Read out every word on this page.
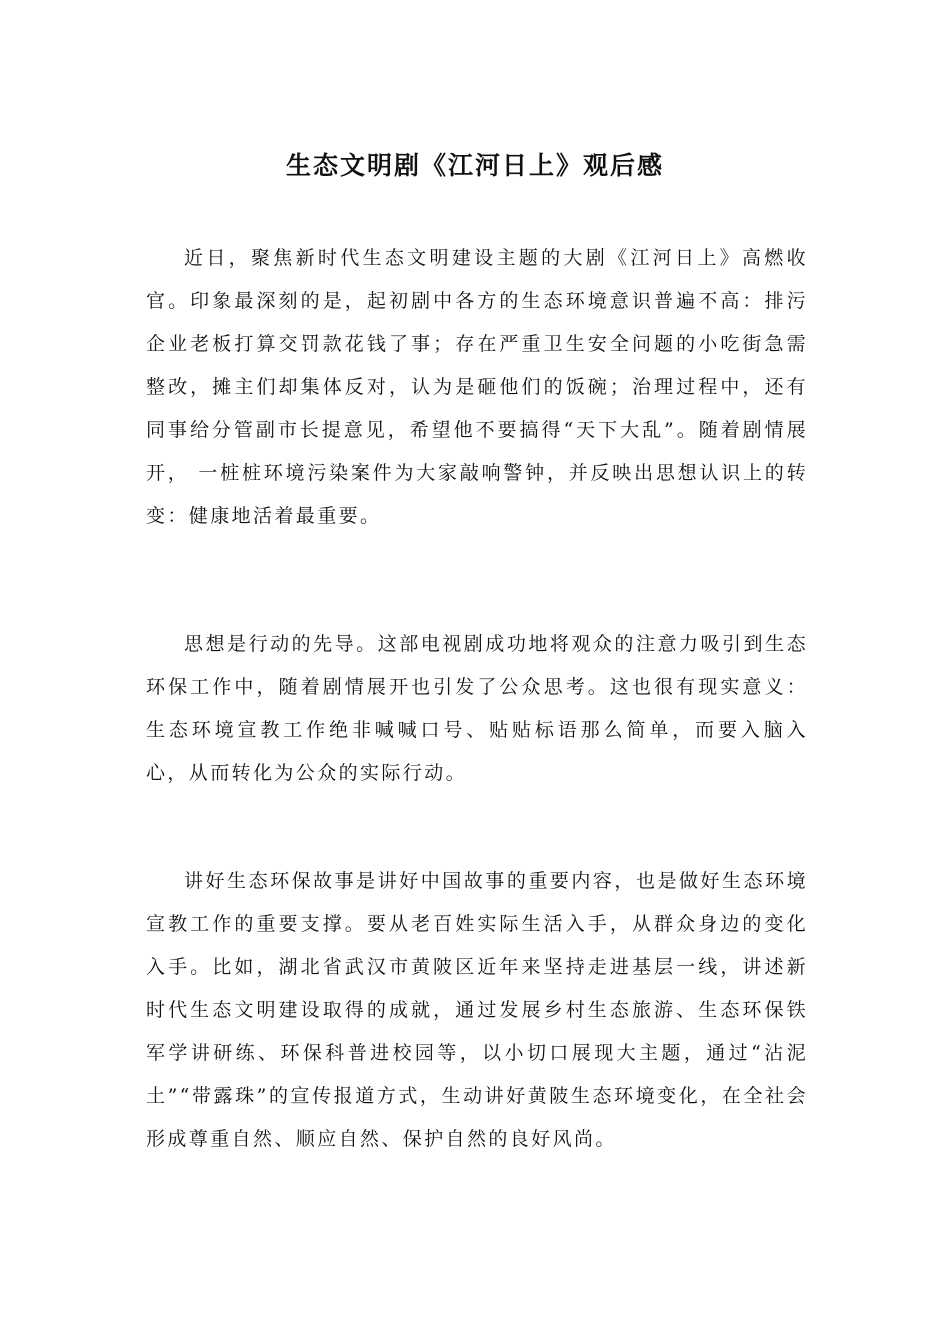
生态文明剧《江河日上》观后感

近日，聚焦新时代生态文明建设主题的大剧《江河日上》高燃收官。印象最深刻的是，起初剧中各方的生态环境意识普遍不高：排污企业老板打算交罚款花钱了事；存在严重卫生安全问题的小吃街急需整改，摊主们却集体反对，认为是砸他们的饭碗；治理过程中，还有同事给分管副市长提意见，希望他不要搞得“天下大乱”。随着剧情展开， 一桩桩环境污染案件为大家敲响警钟，并反映出思想认识上的转变：健康地活着最重要。

思想是行动的先导。这部电视剧成功地将观众的注意力吸引到生态环保工作中，随着剧情展开也引发了公众思考。这也很有现实意义：生态环境宣教工作绝非喊喊口号、贴贴标语那么简单，而要入脑入心，从而转化为公众的实际行动。

讲好生态环保故事是讲好中国故事的重要内容，也是做好生态环境宣教工作的重要支撑。要从老百姓实际生活入手，从群众身边的变化入手。比如，湖北省武汉市黄陂区近年来坚持走进基层一线，讲述新时代生态文明建设取得的成就，通过发展乡村生态旅游、生态环保铁军学讲研练、环保科普进校园等，以小切口展现大主题，通过“沾泥土”“带露珠”的宣传报道方式，生动讲好黄陂生态环境变化，在全社会形成尊重自然、顺应自然、保护自然的良好风尚。
